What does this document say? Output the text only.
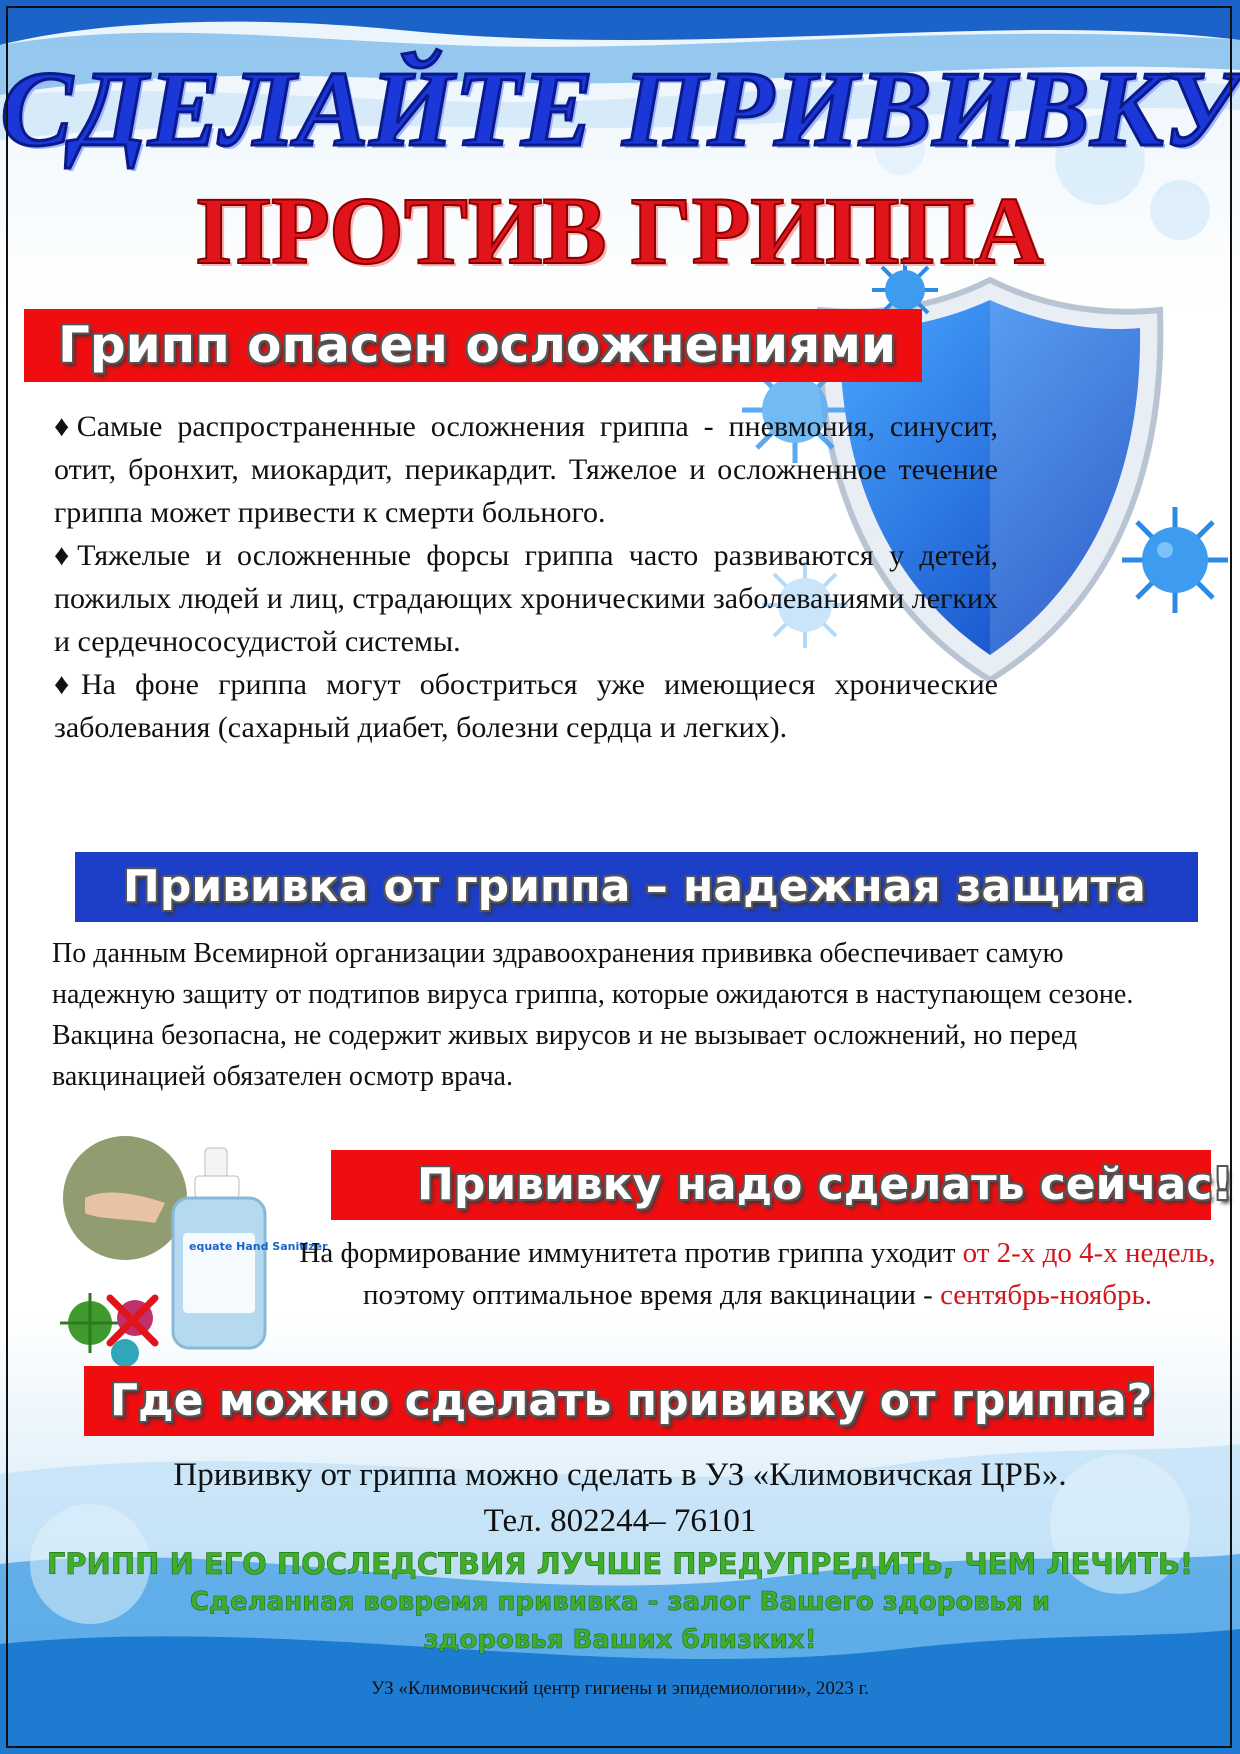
СДЕЛАЙТЕ ПРИВИВКУ
ПРОТИВ ГРИППА
Грипп опасен осложнениями

♦Самые распространенные осложнения гриппа - пневмония, синусит, отит, бронхит, миокардит, перикардит. Тяжелое и осложненное течение гриппа может привести к смерти больного.

♦Тяжелые и осложненные форсы гриппа часто развиваются у детей, пожилых людей и лиц, страдающих хроническими заболеваниями легких и сердечнососудистой системы.

♦На фоне гриппа могут обостриться уже имеющиеся хронические заболевания (сахарный диабет, болезни сердца и легких).

Прививка от гриппа – надежная защита

По данным Всемирной организации здравоохранения прививка обеспечивает самую надежную защиту от подтипов вируса гриппа, которые ожидаются в наступающем сезоне.

Вакцина безопасна, не содержит живых вирусов и не вызывает осложнений, но перед вакцинацией обязателен осмотр врача.

equate Hand Sanitizer
Прививку надо сделать сейчас!
На формирование иммунитета против гриппа уходит от 2-х до 4-х недель, поэтому оптимальное время для вакцинации - сентябрь-ноябрь.
Где можно сделать прививку от гриппа?

Прививку от гриппа можно сделать в УЗ «Климовичская ЦРБ».

Тел. 802244– 76101

ГРИПП И ЕГО ПОСЛЕДСТВИЯ ЛУЧШЕ ПРЕДУПРЕДИТЬ, ЧЕМ ЛЕЧИТЬ!
Сделанная вовремя прививка - залог Вашего здоровья и
здоровья Ваших близких!
УЗ «Климовичский центр гигиены и эпидемиологии», 2023 г.
